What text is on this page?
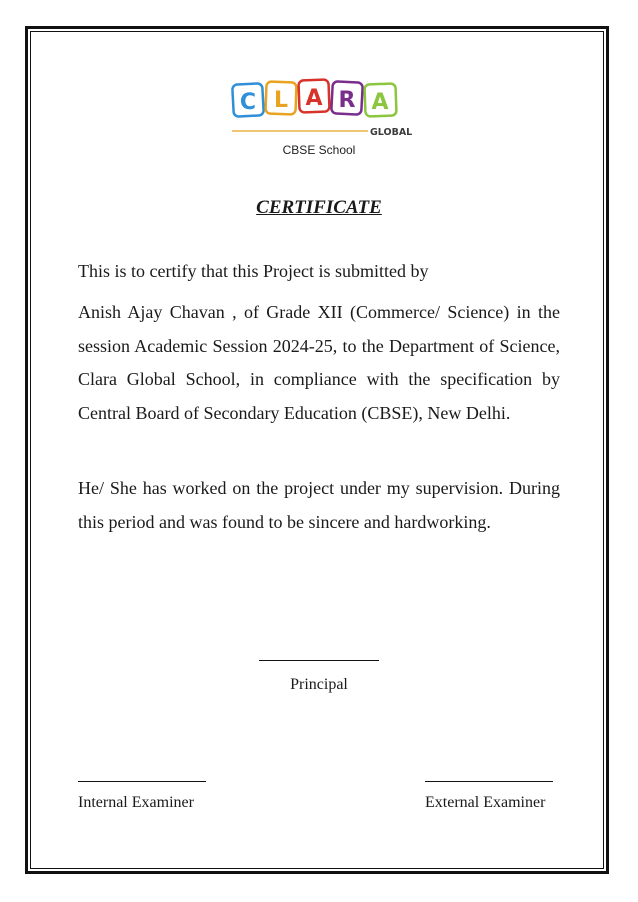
C L A R A
GLOBAL
CBSE School
CERTIFICATE

This is to certify that this Project is submitted by

Anish Ajay Chavan , of Grade XII (Commerce/ Science) in the session Academic Session 2024-25, to the Department of Science, Clara Global School, in compliance with the specification by Central Board of Secondary Education (CBSE), New Delhi.

He/ She has worked on the project under my supervision. During this period and was found to be sincere and hardworking.

Principal
Internal Examiner	External Examiner
